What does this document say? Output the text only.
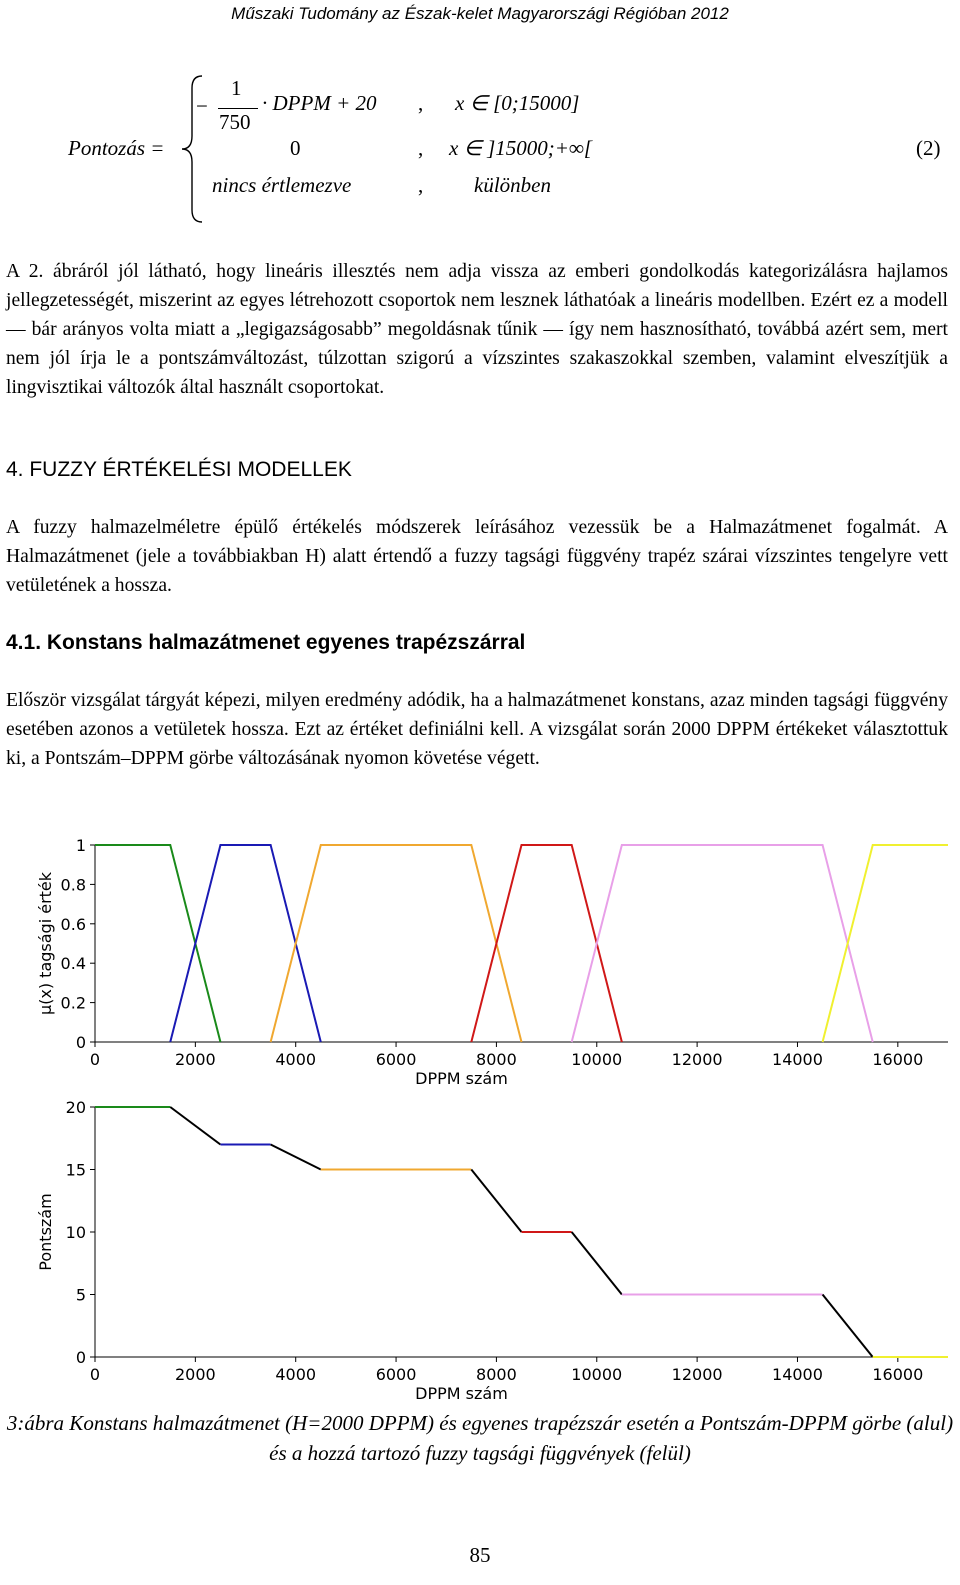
Műszaki Tudomány az Észak-kelet Magyarországi Régióban 2012
Pontozás =
−
1
750
· DPPM + 20 , x ∈ [0;15000]
0	, x ∈ ]15000;+∞[
nincs értlemezve	, különben
(2)

A 2. ábráról jól látható, hogy lineáris illesztés nem adja vissza az emberi gondolkodás kategorizálásra hajlamos jellegzetességét, miszerint az egyes létrehozott csoportok nem lesznek láthatóak a lineáris modellben. Ezért ez a modell — bár arányos volta miatt a „legigazságosabb” megoldásnak tűnik — így nem hasznosítható, továbbá azért sem, mert nem jól írja le a pontszámváltozást, túlzottan szigorú a vízszintes szakaszokkal szemben, valamint elveszítjük a lingvisztikai változók által használt csoportokat.

4. FUZZY ÉRTÉKELÉSI MODELLEK

A fuzzy halmazelméletre épülő értékelés módszerek leírásához vezessük be a Halmazátmenet fogalmát. A Halmazátmenet (jele a továbbiakban H) alatt értendő a fuzzy tagsági függvény trapéz szárai vízszintes tengelyre vett vetületének a hossza.

4.1. Konstans halmazátmenet egyenes trapézszárral

Először vizsgálat tárgyát képezi, milyen eredmény adódik, ha a halmazátmenet konstans, azaz minden tagsági függvény esetében azonos a vetületek hossza. Ezt az értéket definiálni kell. A vizsgálat során 2000 DPPM értékeket választottuk ki, a Pontszám–DPPM görbe változásának nyomon követése végett.

0	2000	4000	6000	8000	10000	12000	14000	16000
0
0.2
0.4
0.6
0.8
1
DPPM szám
μ(x) tagsági érték
0	2000	4000	6000	8000	10000	12000	14000	16000
0
5
10
15
20
DPPM szám
Pontszám
3:ábra Konstans halmazátmenet (H=2000 DPPM) és egyenes trapézszár esetén a Pontszám-DPPM görbe (alul) és a hozzá tartozó fuzzy tagsági függvények (felül)
85
